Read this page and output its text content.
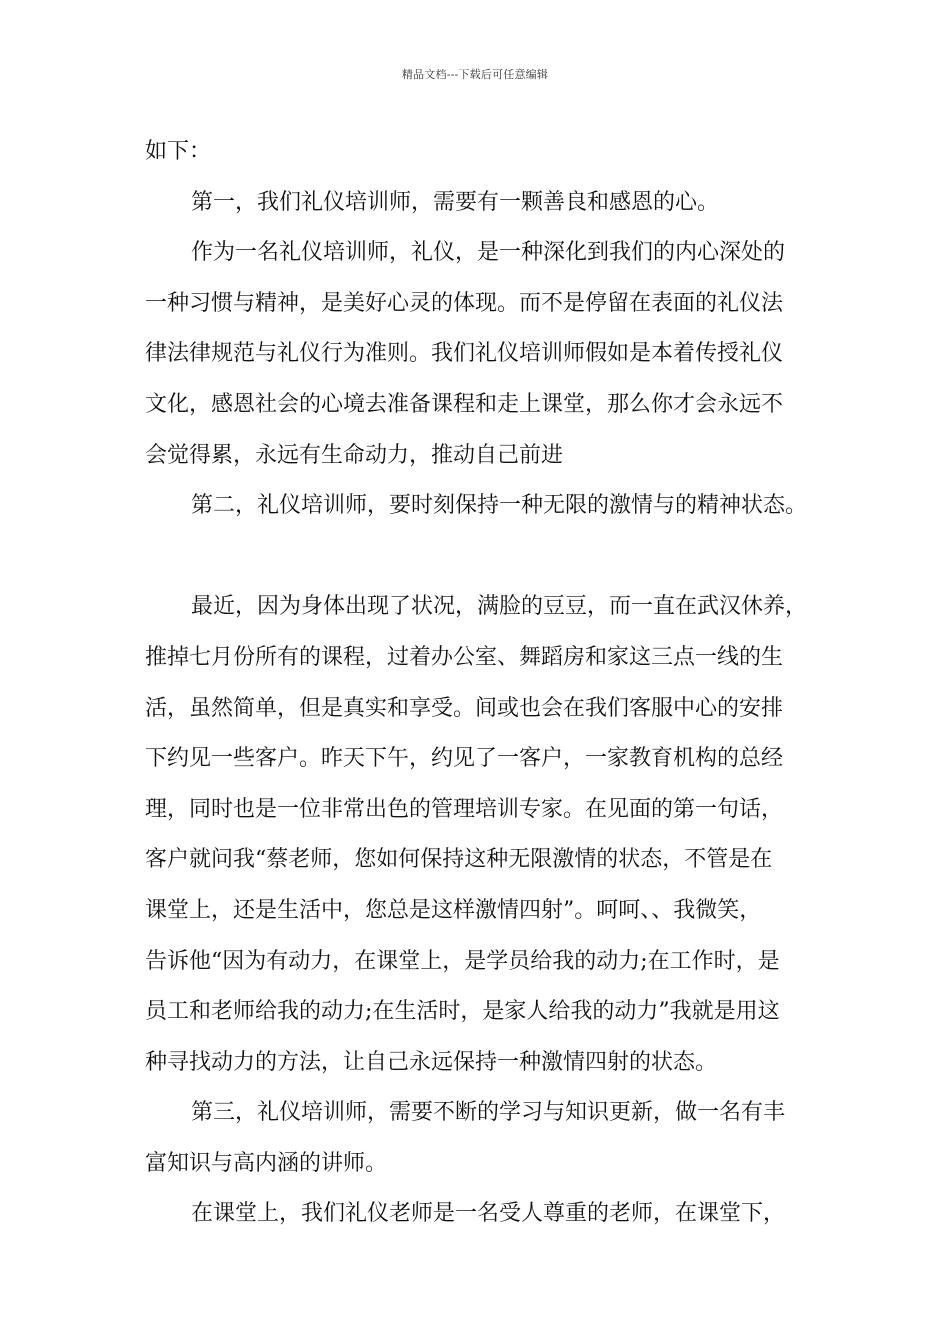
精品文档---下载后可任意编辑
如下：
第一，我们礼仪培训师，需要有一颗善良和感恩的心。
作为一名礼仪培训师，礼仪，是一种深化到我们的内心深处的
一种习惯与精神，是美好心灵的体现。而不是停留在表面的礼仪法
律法律规范与礼仪行为准则。我们礼仪培训师假如是本着传授礼仪
文化，感恩社会的心境去准备课程和走上课堂，那么你才会永远不
会觉得累，永远有生命动力，推动自己前进
第二，礼仪培训师，要时刻保持一种无限的激情与的精神状态。
最近，因为身体出现了状况，满脸的豆豆，而一直在武汉休养，
推掉七月份所有的课程，过着办公室、舞蹈房和家这三点一线的生
活，虽然简单，但是真实和享受。间或也会在我们客服中心的安排
下约见一些客户。昨天下午，约见了一客户，一家教育机构的总经
理，同时也是一位非常出色的管理培训专家。在见面的第一句话，
客户就问我“蔡老师，您如何保持这种无限激情的状态，不管是在
课堂上，还是生活中，您总是这样激情四射”。呵呵、、我微笑，
告诉他“因为有动力，在课堂上，是学员给我的动力;在工作时，是
员工和老师给我的动力;在生活时，是家人给我的动力”我就是用这
种寻找动力的方法，让自己永远保持一种激情四射的状态。
第三，礼仪培训师，需要不断的学习与知识更新，做一名有丰
富知识与高内涵的讲师。
在课堂上，我们礼仪老师是一名受人尊重的老师，在课堂下，
